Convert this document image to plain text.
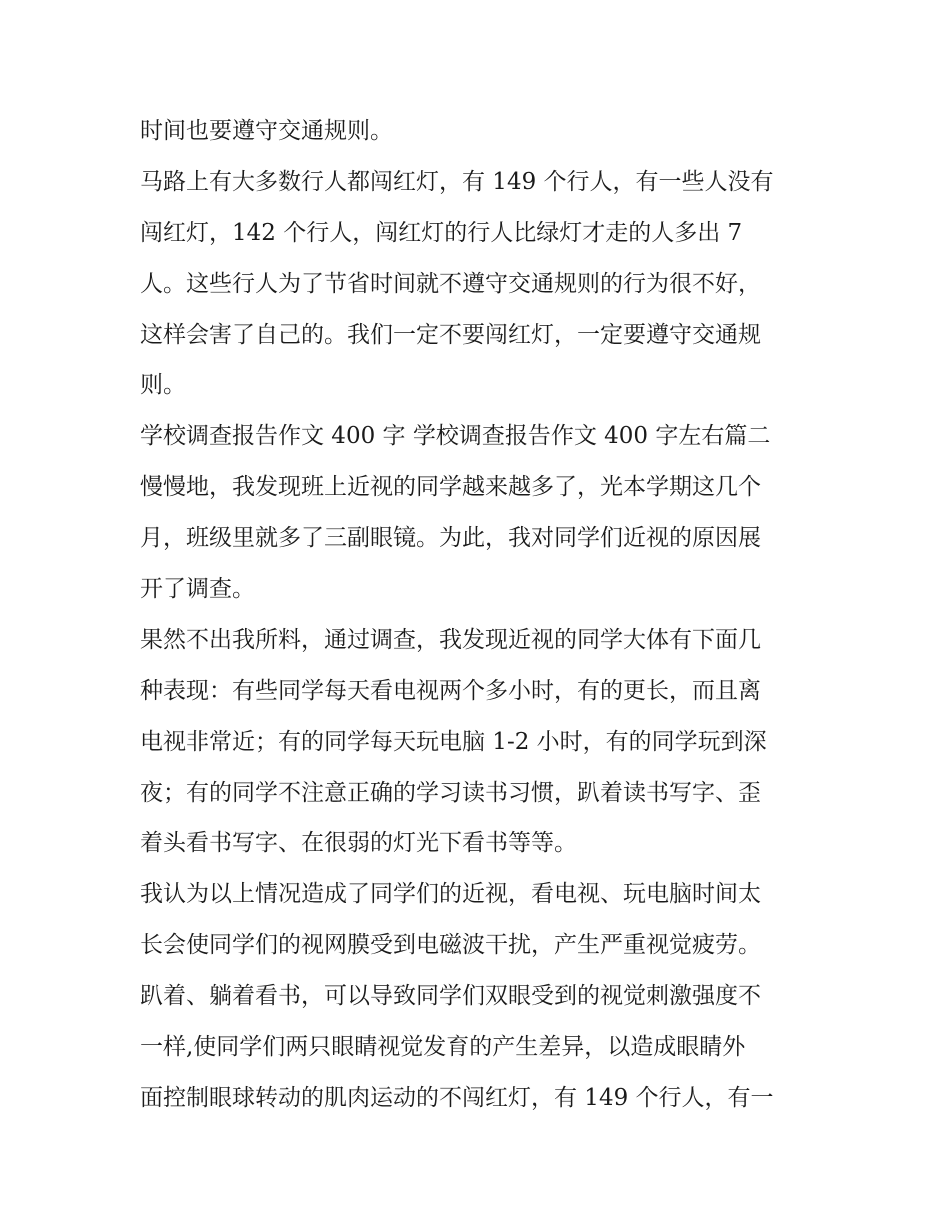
时间也要遵守交通规则。
马路上有大多数行人都闯红灯，有 149 个行人，有一些人没有
闯红灯，142 个行人，闯红灯的行人比绿灯才走的人多出 7
人。这些行人为了节省时间就不遵守交通规则的行为很不好，
这样会害了自己的。我们一定不要闯红灯，一定要遵守交通规
则。
学校调查报告作文 400 字 学校调查报告作文 400 字左右篇二
慢慢地，我发现班上近视的同学越来越多了，光本学期这几个
月，班级里就多了三副眼镜。为此，我对同学们近视的原因展
开了调查。
果然不出我所料，通过调查，我发现近视的同学大体有下面几
种表现：有些同学每天看电视两个多小时，有的更长，而且离
电视非常近；有的同学每天玩电脑 1-2 小时，有的同学玩到深
夜；有的同学不注意正确的学习读书习惯，趴着读书写字、歪
着头看书写字、在很弱的灯光下看书等等。
我认为以上情况造成了同学们的近视，看电视、玩电脑时间太
长会使同学们的视网膜受到电磁波干扰，产生严重视觉疲劳。
趴着、躺着看书，可以导致同学们双眼受到的视觉刺激强度不
一样,使同学们两只眼睛视觉发育的产生差异，以造成眼睛外
面控制眼球转动的肌肉运动的不闯红灯，有 149 个行人，有一
